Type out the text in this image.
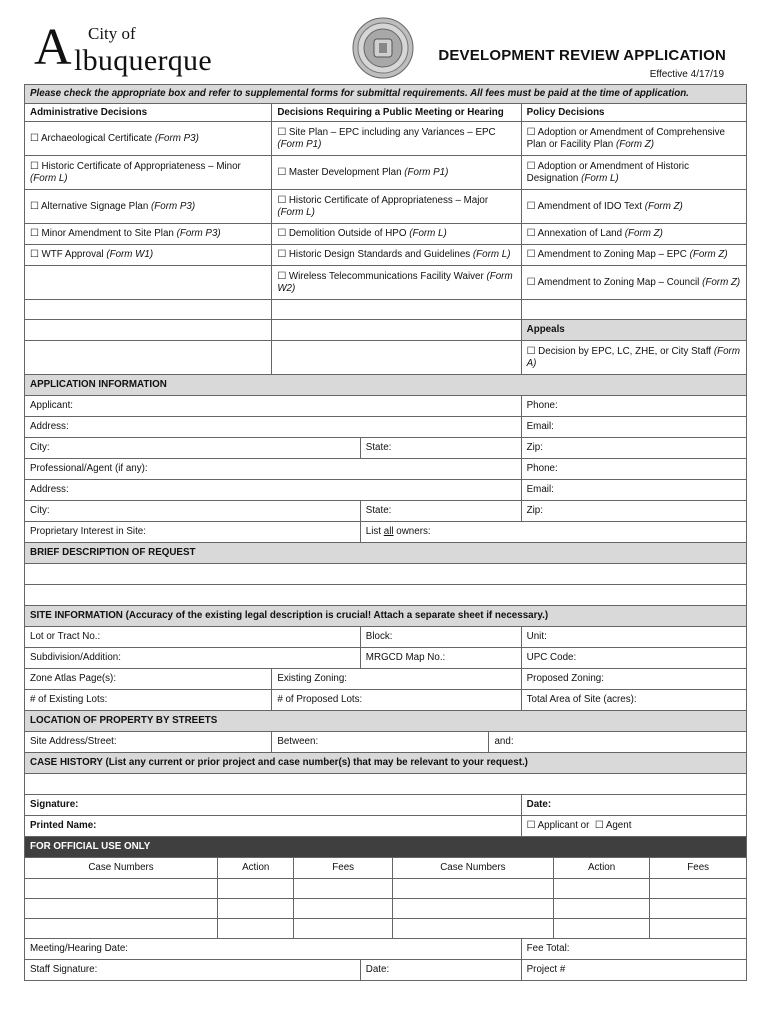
A City of
lbuquerque	DEVELOPMENT REVIEW APPLICATION
Effective 4/17/19
Please check the appropriate box and refer to supplemental forms for submittal requirements. All fees must be paid at the time of application.									
Administrative Decisions		Decisions Requiring a Public Meeting or Hearing					Policy Decisions		
☐ Archaeological Certificate (Form P3)		☐ Site Plan – EPC including any Variances – EPC (Form P1)					☐ Adoption or Amendment of Comprehensive Plan or Facility Plan (Form Z)		
☐ Historic Certificate of Appropriateness – Minor (Form L)		☐ Master Development Plan (Form P1)					☐ Adoption or Amendment of Historic Designation (Form L)		
☐ Alternative Signage Plan (Form P3)		☐ Historic Certificate of Appropriateness – Major (Form L)					☐ Amendment of IDO Text (Form Z)		
☐ Minor Amendment to Site Plan (Form P3)		☐ Demolition Outside of HPO (Form L)					☐ Annexation of Land (Form Z)		
☐ WTF Approval (Form W1)		☐ Historic Design Standards and Guidelines (Form L)					☐ Amendment to Zoning Map – EPC (Form Z)		
		☐ Wireless Telecommunications Facility Waiver (Form W2)					☐ Amendment to Zoning Map – Council (Form Z)		

							Appeals		
							☐ Decision by EPC, LC, ZHE, or City Staff (Form A)		
APPLICATION INFORMATION									
Applicant:							Phone:		
Address:							Email:		
City:				State:			Zip:		
Professional/Agent (if any):							Phone:		
Address:							Email:		
City:				State:			Zip:		
Proprietary Interest in Site:				List all owners:					
BRIEF DESCRIPTION OF REQUEST									

SITE INFORMATION (Accuracy of the existing legal description is crucial! Attach a separate sheet if necessary.)									
Lot or Tract No.:				Block:			Unit:		
Subdivision/Addition:				MRGCD Map No.:			UPC Code:		
Zone Atlas Page(s):		Existing Zoning:					Proposed Zoning:		
# of Existing Lots:		# of Proposed Lots:					Total Area of Site (acres):		
LOCATION OF PROPERTY BY STREETS									
Site Address/Street:		Between:				and:			
CASE HISTORY (List any current or prior project and case number(s) that may be relevant to your request.)									

Signature:							Date:		
Printed Name:							☐ Applicant or ☐ Agent		
FOR OFFICIAL USE ONLY									
Case Numbers	Action		Fees		Case Numbers			Action	Fees

Meeting/Hearing Date:							Fee Total:		
Staff Signature:				Date:			Project #		
